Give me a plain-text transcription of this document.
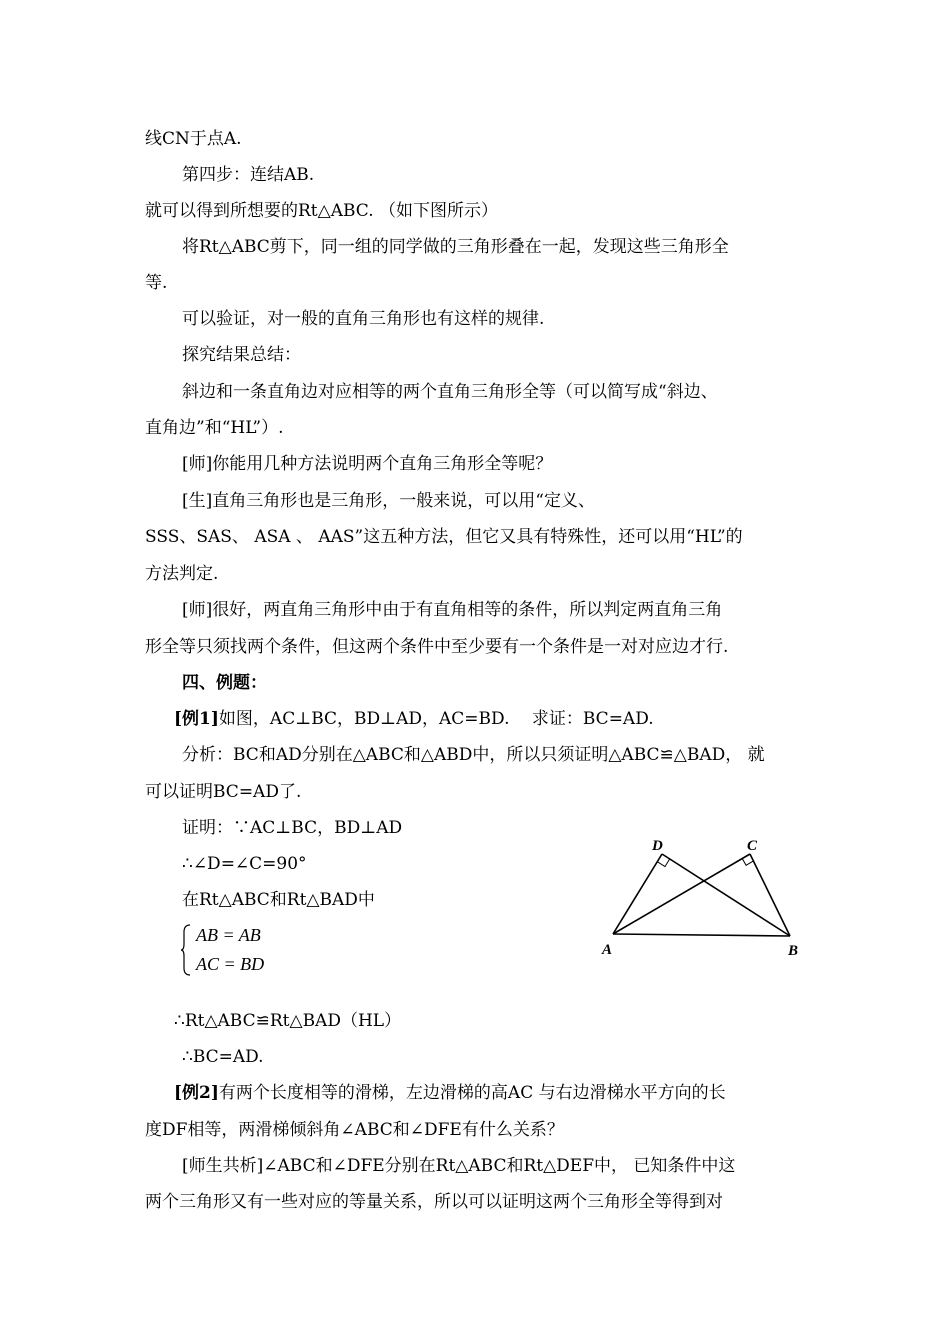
线CN于点A.
第四步：连结AB.
就可以得到所想要的Rt△ABC. （如下图所示）
将Rt△ABC剪下，同一组的同学做的三角形叠在一起，发现这些三角形全
等.
可以验证，对一般的直角三角形也有这样的规律.
探究结果总结：
斜边和一条直角边对应相等的两个直角三角形全等（可以简写成“斜边、
直角边”和“HL”）.
[师]你能用几种方法说明两个直角三角形全等呢？
[生]直角三角形也是三角形，一般来说，可以用“定义、
SSS、SAS、 ASA 、 AAS”这五种方法，但它又具有特殊性，还可以用“HL”的
方法判定.
[师]很好，两直角三角形中由于有直角相等的条件，所以判定两直角三角
形全等只须找两个条件，但这两个条件中至少要有一个条件是一对对应边才行.
四、例题：
[例1]如图，AC⊥BC，BD⊥AD，AC=BD.　 求证：BC=AD.
分析：BC和AD分别在△ABC和△ABD中，所以只须证明△ABC≌△BAD， 就
可以证明BC=AD了.
证明：∵AC⊥BC，BD⊥AD
∴∠D=∠C=90°
在Rt△ABC和Rt△BAD中
AB = AB
AC = BD
∴Rt△ABC≌Rt△BAD（HL）
∴BC=AD.
[例2]有两个长度相等的滑梯，左边滑梯的高AC 与右边滑梯水平方向的长
度DF相等，两滑梯倾斜角∠ABC和∠DFE有什么关系？
[师生共析]∠ABC和∠DFE分别在Rt△ABC和Rt△DEF中， 已知条件中这
两个三角形又有一些对应的等量关系，所以可以证明这两个三角形全等得到对
D	C
A	B
